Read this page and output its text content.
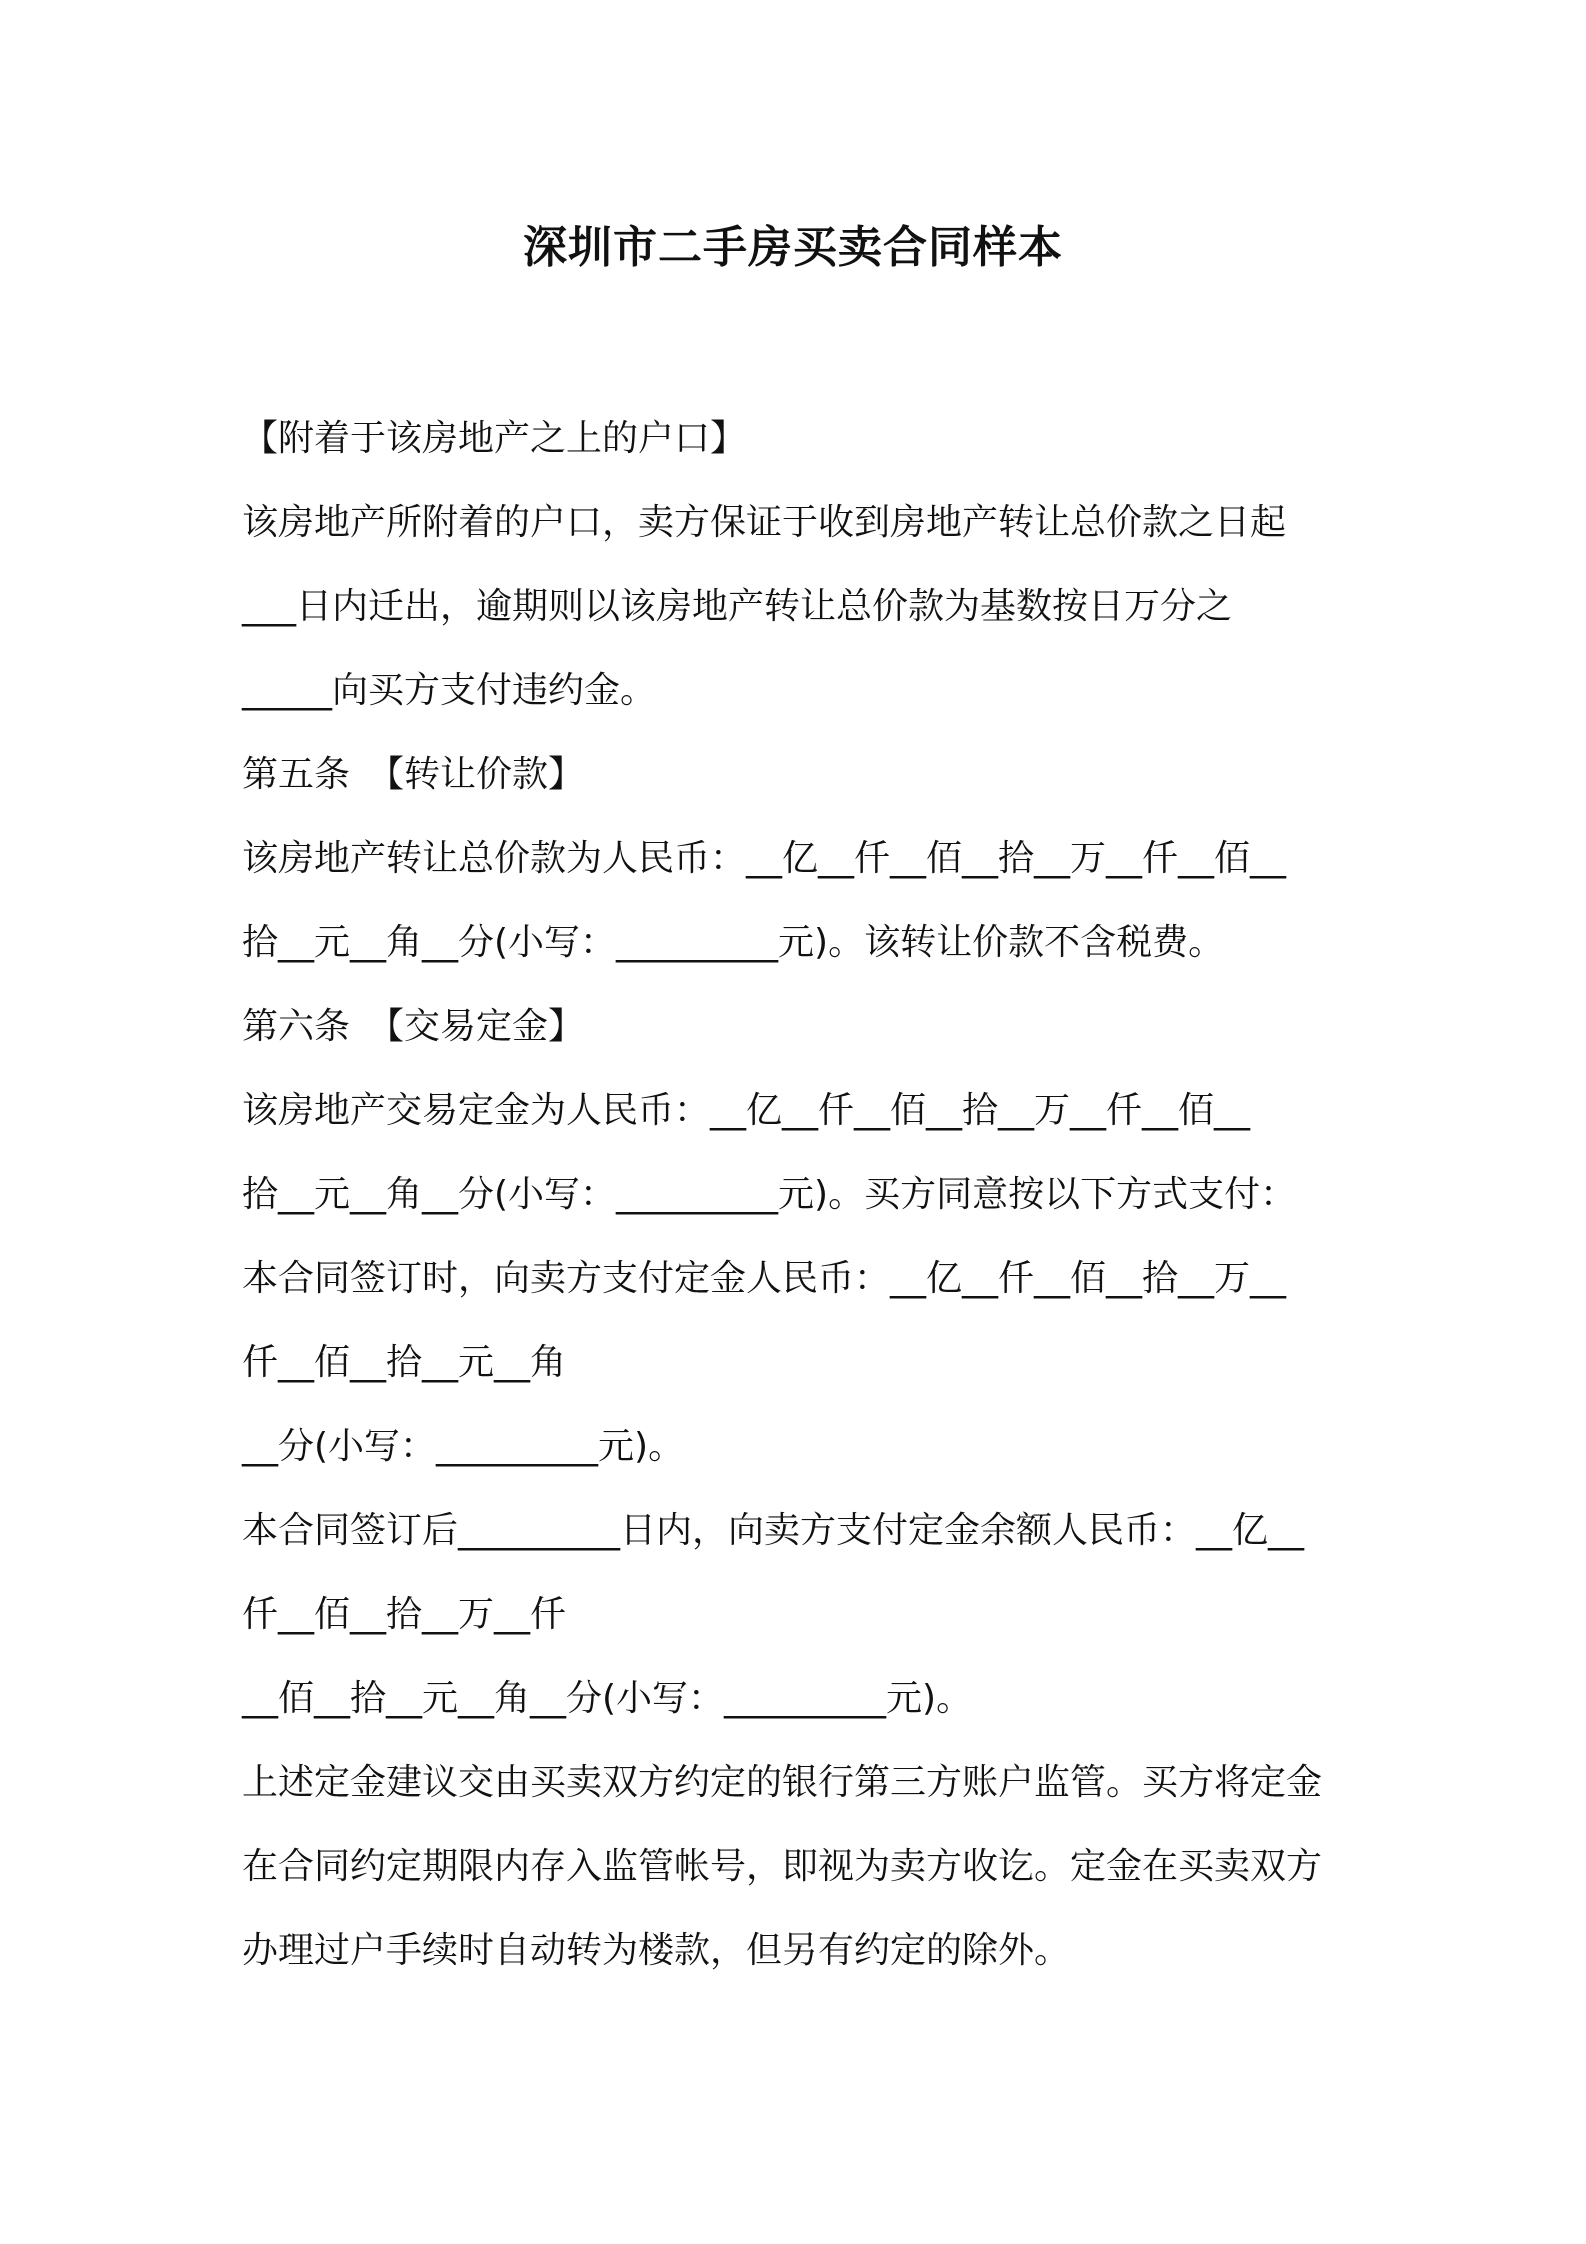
深圳市二手房买卖合同样本
【附着于该房地产之上的户口】
该房地产所附着的户口，卖方保证于收到房地产转让总价款之日起
___日内迁出，逾期则以该房地产转让总价款为基数按日万分之
_____向买方支付违约金。
第五条　【转让价款】
该房地产转让总价款为人民币：__亿__仟__佰__拾__万__仟__佰__
拾__元__角__分(小写：_________元)。该转让价款不含税费。
第六条　【交易定金】
该房地产交易定金为人民币：__亿__仟__佰__拾__万__仟__佰__
拾__元__角__分(小写：_________元)。买方同意按以下方式支付：
本合同签订时，向卖方支付定金人民币：__亿__仟__佰__拾__万__
仟__佰__拾__元__角
__分(小写：_________元)。
本合同签订后_________日内，向卖方支付定金余额人民币：__亿__
仟__佰__拾__万__仟
__佰__拾__元__角__分(小写：_________元)。
上述定金建议交由买卖双方约定的银行第三方账户监管。买方将定金
在合同约定期限内存入监管帐号，即视为卖方收讫。定金在买卖双方
办理过户手续时自动转为楼款，但另有约定的除外。
